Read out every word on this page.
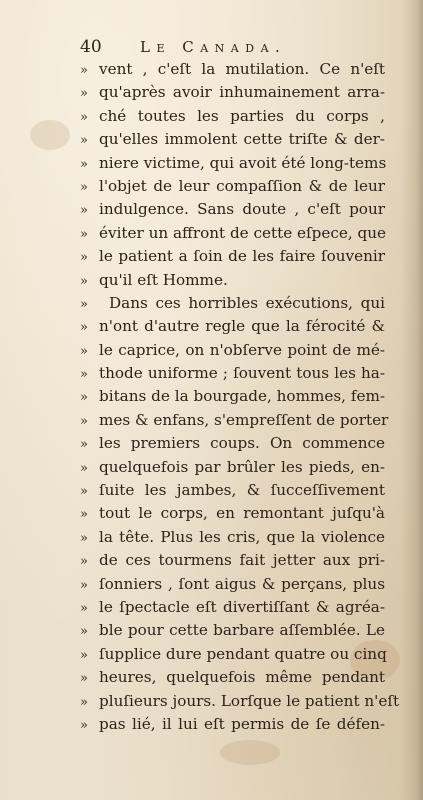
40	Le Canada.
» vent , c'eſt la mutilation. Ce n'eſt
» qu'après avoir inhumainement arra-
» ché toutes les parties du corps ,
» qu'elles immolent cette triſte & der-
» niere victime, qui avoit été long-tems
» l'objet de leur compaſſion & de leur
» indulgence. Sans doute , c'eſt pour
» éviter un affront de cette eſpece, que
» le patient a ſoin de les faire ſouvenir
» qu'il eſt Homme.
» Dans ces horribles exécutions, qui
» n'ont d'autre regle que la férocité &
» le caprice, on n'obſerve point de mé-
» thode uniforme ; ſouvent tous les ha-
» bitans de la bourgade, hommes, fem-
» mes & enfans, s'empreſſent de porter
» les premiers coups. On commence
» quelquefois par brûler les pieds, en-
» ſuite les jambes, & ſucceſſivement
» tout le corps, en remontant juſqu'à
» la tête. Plus les cris, que la violence
» de ces tourmens fait jetter aux pri-
» ſonniers , ſont aigus & perçans, plus
» le ſpectacle eſt divertiſſant & agréa-
» ble pour cette barbare aſſemblée. Le
» ſupplice dure pendant quatre ou cinq
» heures, quelquefois même pendant
» pluſieurs jours. Lorſque le patient n'eſt
» pas lié, il lui eſt permis de ſe défen-
